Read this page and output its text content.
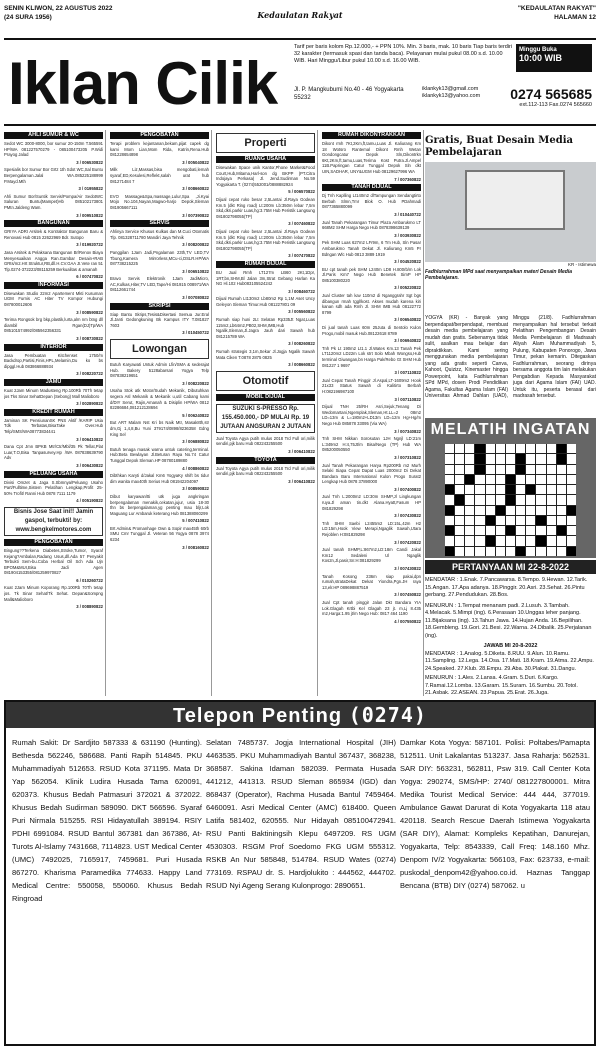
SENIN KLIWON, 22 AGUSTUS 2022
(24 SURA 1956)	Kedaulatan Rakyat
"KEDAULATAN RAKYAT"
HALAMAN 12
Iklan Cilik
Tarif per baris kolom Rp.12.000,- + PPN 10%. Min. 3 baris, mak. 10 baris Tiap baris terdiri 32 karakter (termasuk spasi dan tanda baca). Pelayanan mulai pukul 08.00 s.d. 10.00 WIB. Hari Minggu/Libur pukul 10.00 s.d. 16.00 WIB.
Minggu Buka
10:00 WIB
Jl. P. Mangkubumi No.40 - 46 Yogyakarta 55232
iklankyk13@gmail.com iklankyk13@yahoo.com	0274 565685
ext.112-113 Fax.0274 565660
AHLI SUMUR & WC

Sedot WC 3000-8000, bor sumur 20-150m T.565591 HP/WA 081227570279 - 085100473205 P.Widi Prayog Jalad

3 / 006530822

Spesialis bor Sumur Bor Grtz 1th Sdot WC,Sal Buntu Berpengalaman.Jalal WA.085225188999 P.Mayd.Mth

3 / 01955822

Ahli Sumur Bor/Suntik Servis/Pompa/Air SedotWC Saluran Buntu(Mampet)Hb 085102173801 PMtn.Jaldeng Wam.

3 / 009510822

BANGUNAN

GRIYA ADRI Arsitek & Kontraktor Bangunan Baru & Renovasi Hub 0815 22622969 Bdr. Sutopo

3 / 019920722

Jasa Arsitek & Pelaksana Bangunan Br/Renov Biaya Menyesuaikan Angga Ran.Gambar Desain+RAB GRts/m2.Hrt Struktur,RB,dll.H.CV.GAA JI.Vete ran 51 Tlp.0274-372223/08115259 Berkualitas & amanah

6 / 007470822

INFORMASI

Disewakan Studio 22m2 Apartement Mkti Kusuman UGM Furnis AC Hiter TV Kompor Hubungi 087800012606

3 / 008590822

Terima Rongsok brg bkp,plastik,lurta,alm nm btng dll diambil Rgan(DJ)Tp/WA 085101574992/085942356331

3 / 008730822

INTERIOR

Jasa Pembuatan Kitchenset 1750/m Backdrop,Partisi,Finis,HPL,Melamin,Du ko bs dipggl.Hub 083866888934

3 / 008220722

JAMU

Kuat 2Jam Minum Madusteng Rp.100Rb 70Th tetap jos Tks Sinar SehatDepan (Sebong) Mall Malioboro

3 / 002890822

KREDIT RUMAH

Jaminan SK PensiunanSK PNS Aktif /KARIP Usia Tdk Terbatas,BisaTake Over.Hub Telp/SMS/WA08773834441

3 / 006410822

Dana Cpt Jmn BPKB Mtr/Ctr/Mbl/35 Pk Tellat,Plat Luar,T.O,Bisa Tanpasurvey.Hp /WA 087838639790 Adv

3 / 006430822

PELUANG USAHA

Divisi Omzet & Jaga S.Sbmnya/Peluang Usaho Part/Fulltime,Sistem Pelatihan Lengkap,Profit 25-50% Trofit/ Ranni Hub 0878 7111 1179

4 / 005190822

Bisnis Jose Saat ini!! Jamin gaspol, terbukti! by: www.bengkelmotores.com
PENGOBATAN

Bingung??Terkena Diabetes,Stroke,Tumor, Syaraf Kejang?Ambalan,Radang Usus,dll.Ada 57 Penyakit Terbukti Sem-bu.Coba Herbal Oil Sch Ada Ujn BPOM&MUI,Bisa Jadi Agen 081904153355/081259970827

6 / 010260722

Kuat 2Jam Minum Koporang Rp.100Rb 70Th tetap jos. Tk Sinar Sehat/Tk Sehat. Depan&Sompng Mall&Malioboro

3 / 008890822

PENGOBATAN

Terapi problem kejantanan,bekam,pijat capek dg kami Mom Lian,Mom Rida, Katrin,Rena.Hub 081228654898

3 / 005040822

Milk Liz,Massas,bisa mengobati,lemah syaraf,ED,Kesulesi,Reflekt,salah urat hub 081271484 7

3 / 008660822

EVO Massage&Spa,massage,Lulur,Spa ,Ji.Kyai Mojo No.104,Nayan,Magwo-harjo Depok,Sleman 081905667111

3 / 007390822

SERVIS

Ahlinya Service Khusus Kulkas dan M.Cuci Otomatis Tlp. 081328711780 Mandiri Jaya Tehnik

3 / 008200822

Panggilan 1Jam Jadi,Pngalaman 23th,TV LED,TV Tbung,Kamera Mirrorless,MCu-ci,DSLR.HP/WA 087738215225

3 / 006510822

Bravo Servis Elektronik 1Jam JadiMicro, AC,Kulkas,Hiter,TV LED,Tape/Hi 081915 008971/WA 08112661744

3 / 007080822

SKRIPSI

Siap Bantu Skrips,Tesis&Disertasi Semua Jur.Eral Jl.Janti Gedongkuning Bk Kampus ITY T.081827 7603

3 / 010450722

Lowongan

Butuh Karyawati Untuk Admin Lfin/SMA & sederajat Hub. Bakery 5128abarsari Yogya Telp 087838219651

3 / 008220822

Usaha Stok atk Motor/Sudah Mekanik, Dibutuhkan segera Asl Mekanik & Mekanik u,util Cabang kami d/DIY Serut, Rajin,Amanah & Disiplin HP/WA 0812 82286684,081212128694

5 / 006240822

But ART Malam Nst Kri bs Naik Mtr, Masak8th,str dm,Gj 1,4,8,Bu Yuni 379174/0898/8236358 Gdng King Sel

3 / 006880822

Butuh tenaga masak warna untuk catering,terminal. Hub:Beta Bewlayan Jl.Beturan Raya No.74 Catur Tunggal Depok Sleman.HP 08780189880

4 / 008860822

Dibthkan Karyti d/Jakal Km6 YogyaKy shift bs tidur dim wanita max40th Serius Hub 081942204097

3 / 008590822

Dibut karyawan/tti utk juga angkringan berpengalaman menakik,cekatan,jujur, usia 18-30 thn bs berpengalaman,yg penting mau bljr,Lok Maguang Lur Ambaruk keterang Hub 081388060299

5 / 007410822

Brt Admin& Promanhage Own & Sopir max45th 60rb SMU Cmr Tunggal Jl. Veteran 56 Yogya 0878 3974 6234

3 / 008160822

Properti
RUANG USAHA

Disewakan Space unik Kantor,Phone Market&Food Court,Hub,Mitama,Harl-son dg BKPP (PT.Citra Indojaya Perkasa) Jl. Jend.Sudirman No.59 Yogyakarta T. (0274)552001/0888882924

5 / 006570822

Dijual cepat ruko besar 2,5Lantai Jl.Raya Godean Km.5 (dkt Ring road) Lt:200m Lb:350m lebar 7,5m Skd,dkri.parkir Luas,hg:3.75M Hub Peristik Langsung 081802798055(TP)

3 / 007460822

Dijual cepat ruko besar 2,5Lantai Jl.Raya Godean Km.5 (dkt Ring road) Lt:200m Lb:350m lebar 7,5m Skd,dkri.parkir Luas,hg:3.75M Hub Peristik Langsung 081802798055(TP)

3 / 007470822

RUMAH DIJUAL

BU Jual Rmh LT127m LB60 2Kt,1Dpr, 1RT,bn,SHM,Bl Jalan 3m,Strat Gebang Harlan Ka NG Hl.102 Hub083105524242

3 / 008460722

Dijual Rumah Lt130m2 Lb80m2 Rp 1,1M Aset Uncy Geleyon Sleman Timur.Hub 081227801 09

3 / 005560822

Rumah siap huni 2Lt Selatan Rp335Jt Ngat,Luas 115m2,Lb64m2,PB02,SHM,IMB,Hub Ngalik,Sleman,Jl.Jagra Jauh dari Sawah hub 081215789 WA

3 / 008260822

Rumah strategis 3,1m,Sekar Jl.Jogja Ngalik Sawah Mata Ciken T.0878 2875 0825

3 / 008660822

Otomotif
MOBIL DIJUAL
SUZUKI S-PRESSO Rp. 155.450.000,- DP MULAI Rp. 19 JUTAAN ANGSURAN 2 JUTAAN

Jual Toyota Agya putih mulus 2018 Trd Full ori,milik sendiri,pjk baru Hub 082243255500

3 / 006410822

TOYOTA

Jual Toyota Agya putih mulus 2018 Trd Full ori,milik sendiri,pjk baru Hub 082243255500

3 / 006410822

RUMAH DIKONTRAKKAN

Dikont rmh 7Kt,2Km,ft,tamu,Luas Jl. Kaliurang Km 18 Wotsro Rantemal Dikont Rmh Wetan Gondongcatur Depok Sln,Dikontrkn 6Kt,2Km,ft,tamu,Luas,Terima Kost Putra.Jl.Ampel 11B.Papringan Catur Tunggal Depok Sln dkt UIN,SADHAR, UNY&UGM Hub 08129627996 WA

7 / 007360822

TANAH DIJUAL

Dj Tnh Kaplling Lt140m2 dlTampungan Sendangtirto Berbah Slmn,Tmr Blok O. Hub PDahmadi 0877365880099

3 / 010440722

Jual Tanah Pekarangan Timur Plaza Ambarukmo LT 668M2 SHM Harga Nego Hub 0878398639139

3 / 003930822

Pek SHM Luas 627m2 LFr9m, 6 Tm Hub, Sln Pasar Ambarukmo Tanah Dekat Jl. Kaliurang Km5 Pr Bdngan Wlc Hub 0813 3889 1919

3 / 004520822

BU cpt tanah pek SHM L240m LD8 H.800rb/m Lok Jl.Paris Km7 Nego Hub Benetek SimP HP 085100380220

3 / 005220822

Jual Cluster tah kav 110m2 di Nganggrahr Sgt bgs dibangun rmah tggl/kost. Akses mudah karena kiri kanan sdh ada Rmh Jl. SHM IMB Hub 08122772 8799

3 / 006540822

Di jual tanah Luas 60m 25Juta di Sentolo Kulon Progo,mobil masuk Hub.08122618 8789

3 / 006940822

Tnh Pk Lt 190m2 Lt1.1 Jl.Wates Km.13 Tanah Pek LT1120m2 LD22m Lok strt Solo Mbah Wongso,Hub terminal Giwangan,bn Harga Pak/Rebo Gt SHM Hub 081227 1 9697

3 / 007110822

Jual Cepat Tanah Pinggir Jl.Aspal,LT-1609m2 Hook 21x33 Status Sawah di Kalitirto Berbah H:082196987100

3 / 007110822

Dijual TNH 25/RH Asri,Sejuk,Tenang Di Wedomartani,Ngemplak,Sleman,Ht.LL=2 08m2 LD=13m & L=180m2+LD13m LD=12m Hg+Hg/m Nego Hub 085878 33095 (Via WA)

3 / 007340822

Tnh SHM Nikkan Sorosutan 1JH Ngnjl LD:21m L:349m2 H:4,75Jt/m Bisa/Nego (TP) Hub WA 085200050550

3 / 007310822

Jual Tanah Pekarangan Harya Rp200Rb m2 Murh Selaki Siapa Cepat Dapat Luas 2000m2 Di Dekat Bandara Baru International Kulon Progo Surat2 Lengkap Hub 0878 37890000

3 / 007400822

Jual Tnh L:2000m2 LD:30m SHMP,Jl Lingkungan ruya.Jl aman tin.dkt Alana.Hyatt,Fasum HP 081829298

3 / 007430822

Tnh SHM Saebi L2455m2 LD:15L,42m H2 LD:15m,Hook View Merapi,Ngaglik Sawah,Utara Rejoblen H:081829298

3 / 007420822

Jual tanah SHMP,L:867m2,LD:18m Candi Jakal Km12 Sedaleni Ul Ngaglik Kos2n,Jl.pasir,Sn:H:081829299

3 / 007430822

Tanah Kosong 236m siap pakai,dpn rumah,strataDekat Dekat Yiondra,Pgn.JH raya 13,elr.HP 089698887519

3 / 007450822

Jual Cpt tanah pinggir Jalan Dkt Bandara YIA Lok.Glagah Krtbi Kel Glagah 23 jt. m,Lj 8.435 m2,Harga:1.95 jt/m Nego Hub: 0817 464 1190

4 / 007550822

Gratis, Buat Desain Media Pembelajaran
KR - Istimewa
Fadhlurrahman MPd saat menyampaikan materi Desain Media Pembelajaran.
YOGYA (KR) - Banyak yang berpendapat/berpendapat, membuat desain media pembelajaran yang mudah dan gratis. Sebenarnya tidak sulit, asalkan mau belajar dan dipraktikkan. Kami sering menggunakan media pembelajaran yang ada gratis seperti Canva, Kahoot, Quizizz, Kinemaster hingga Powerpoint, kata Fadhlurrahman SPd MPd, dosen Prodi Pendidikan Agama, Fakultas Agama Islam (FAI) Universitas Ahmad Dahlan (UAD), Minggu (21/8). Fadhlurrahman menyampaikan hal tersebut terkait Pelatihan Pengembangan Desain Media Pembelajaran di Madrasah Aliyah Alam Muhammadiyah 5, Pulung, Kabupaten Ponorogo, Jawa Timur, pekan kemarin. Ditegaskan Fadhlurrahman, seorang dirinya bersama anggota tim lain melakukan Pengabdian Kepada Masyarakat juga dari Agama Islam (FAI) UAD. Untuk itu, peserta berasal dari madrasah tersebut.
MELATIH INGATAN
PERTANYAAN MI 22-8-2022

MENDATAR : 1.Enak. 7.Pancawarsa. 8.Tempo. 9.Hewan. 12.Tarik. 15.Angan. 17.Apa adanya. 18.Pinggir. 20.Asri. 23.Sehat. 26.Pintu gerbang. 27.Pendudukan. 28.Bos.

MENURUN : 1.Tempat menanam padi. 2.Lusuh. 3.Tambah. 4.Melacak. 5.Mimpi (ing). 6.Perasaan 10.Unggas leher panjang. 11.Bijaksana (ing). 13.Tahun Jawa. 14.Hujan Anda. 16.Bepilihan. 18.Gembleng. 19.Gori. 21.Besi. 22.Warna. 24.Dibalik. 25.Perjalanan (ing).

JAWAB MI 20-8-2022

MENDATAR : 1.Analog. 5.Diketa. 8.RUU. 9.Alun. 10.Ramu. 11.Sampling. 12.Lega. 14.Osa. 17.Mati. 18.Kram. 19.Atma. 22.Ampu. 24.Speaked. 27.Klub. 28.Empu. 29.Aba. 30.Plakat. 31.Dangu.

MENURUN : 1.Ales. 2.Lansa. 4.Gram. 5.Duri. 6.Kargo. 7.Ramai.12.Lomba. 13.Garam. 15.Suram. 16.Sumbu. 20.Totol. 21.Asbak. 22.ASEAN. 23.Papua. 25.Erat. 26.Juga.

Telepon Penting (0274)
Rumah Sakit: Dr Sardjito 587333 & 631190 (Hunting). Bethesda 562246, 586688. Panti Rapih 514845. PKU Muhammadiyah 512653. RSUD Kota 371195. Mata Dr Yap 562054. Klinik Ludira Husada Tama 620091, 620373. Khusus Bedah Patmasuri 372021 & 372022. Khusus Bedah Sudirman 589090. DKT 566596. Syaraf Puri Nirmala 515255. RSI Hidayatullah 389194. RSIY PDHI 6991084. RSUD Bantul 367381 dan 367386, At-Turots Al-Islamy 7431668, 7114823. UST Medical Center (UMC) 7492025, 7165917, 7459681. Puri Husada 867270. Kharisma Paramedika 774633. Happy Land Medical Centre: 550058, 550060. Khusus Bedah Ringroad
Selatan 7485737. Jogja International Hospital (JIH) 4463535. PKU Muhammadiyah Bantul 367437, 368238, 368587. Sakina Idaman 582039. Permata Husada 441212, 441313. RSUD Sleman 865934 (IGD) dan 868437 (Operator), Rachma Husada Bantul 7459464. 6460091. Asri Medical Center (AMC) 618400. Queen Latifa 581402, 620555. Nur Hidayah 085100472941. RSU Panti Baktiningsih Klepu 6497209. RS UGM 4530303. RSGM Prof Soedomo FKG UGM 555312. RSKB An Nur 585848, 514784. RSUD Wates (0274) 773169. RSPAU dr. S. Hardjolukito : 444562, 444702. RSUD Nyi Ageng Serang Kulonprogo: 2890651.
Damkar Kota Yogya: 587101. Polisi: Poltabes/Pamapta 512511. Unit Lakalantas 513237. Jasa Raharja: 562531. SAR DIY: 563231, 562811, Psw 319. Call Center Kota Yogya: 290274, SMS/HP: 2740/ 081227800001. Mitra Medika Tourist Medical Service: 444 444, 377019. Ambulance Gawat Darurat di Kota Yogyakarta 118 atau 420118. Search Rescue Daerah Istimewa Yogyakarta (SAR DIY), Alamat: Kompleks Kepatihan, Danurejan, Yogyakarta, Telp: 8543339, Call Freq: 148.160 Mhz. Denpom IV/2 Yogyakarta: 566103, Fax: 623733, e-mail: puskodal_denpom42@yahoo.co.id. Haznas Tanggap Bencana (BTB) DIY (0274) 587062. u
